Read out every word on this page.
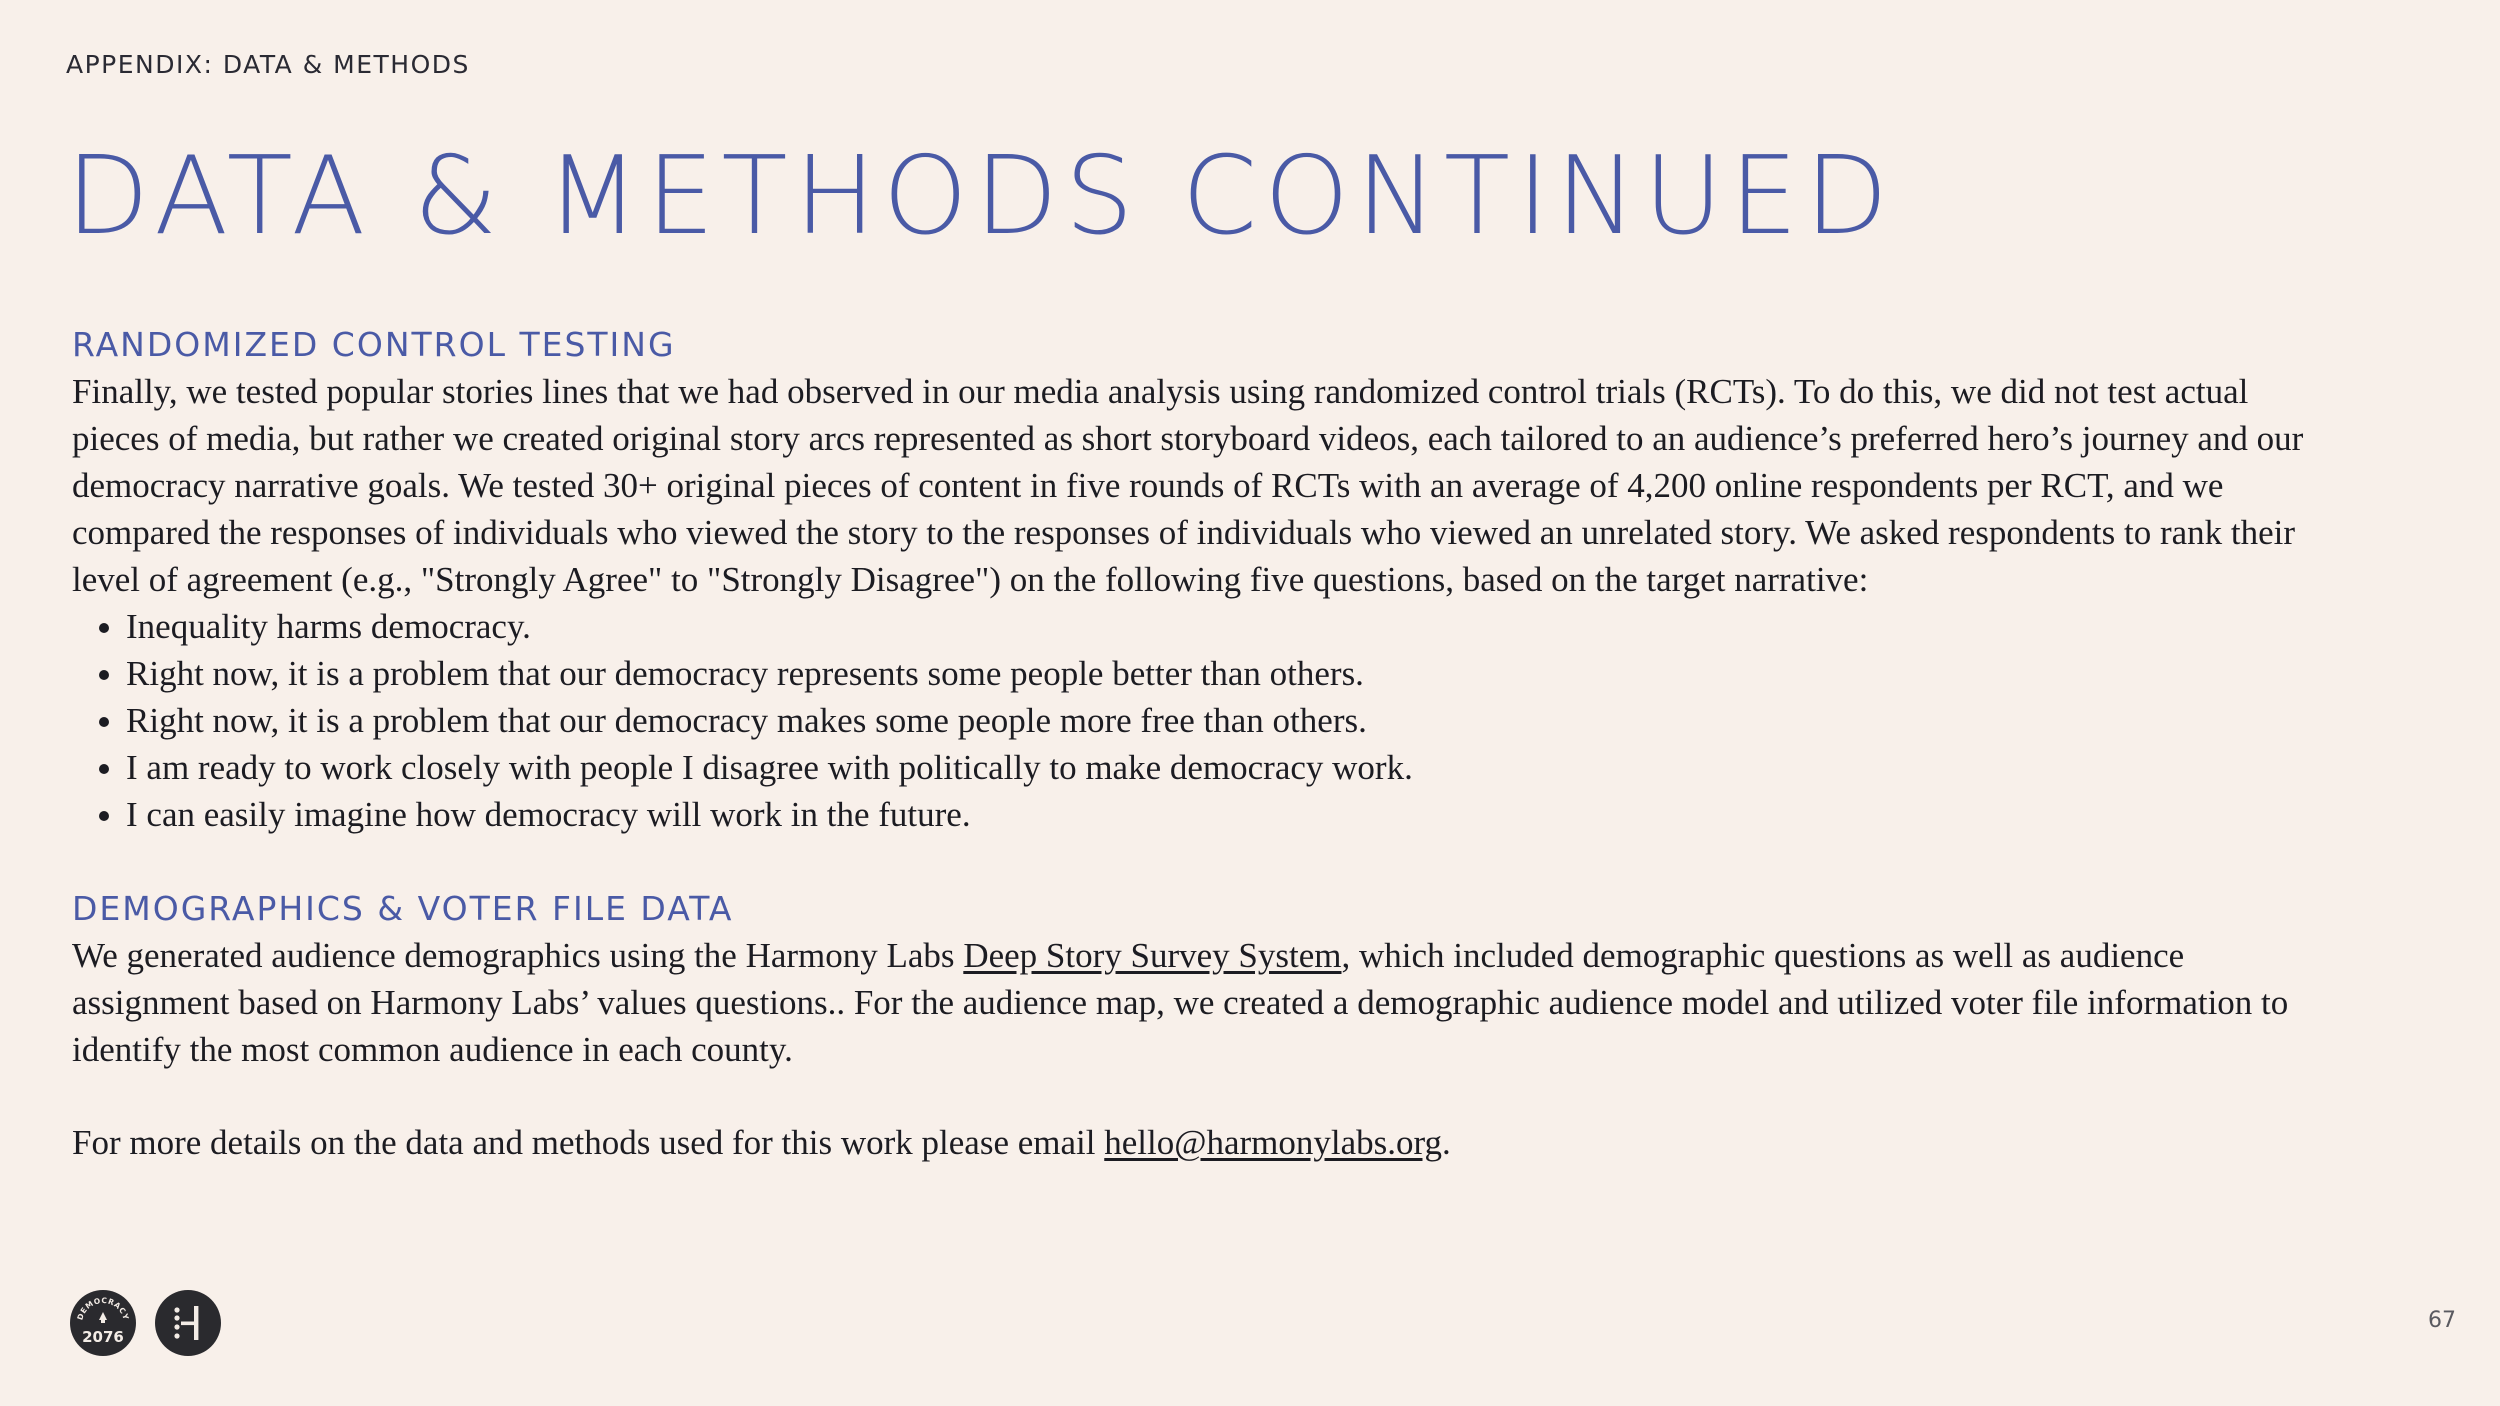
APPENDIX: DATA & METHODS
DATA & METHODS CONTINUED
RANDOMIZED CONTROL TESTING

Finally, we tested popular stories lines that we had observed in our media analysis using randomized control trials (RCTs). To do this, we did not test actual pieces of media, but rather we created original story arcs represented as short storyboard videos, each tailored to an audience’s preferred hero’s journey and our democracy narrative goals. We tested 30+ original pieces of content in five rounds of RCTs with an average of 4,200 online respondents per RCT, and we compared the responses of individuals who viewed the story to the responses of individuals who viewed an unrelated story. We asked respondents to rank their level of agreement (e.g., "Strongly Agree" to "Strongly Disagree") on the following five questions, based on the target narrative:

• Inequality harms democracy.
• Right now, it is a problem that our democracy represents some people better than others.
• Right now, it is a problem that our democracy makes some people more free than others.
• I am ready to work closely with people I disagree with politically to make democracy work.
• I can easily imagine how democracy will work in the future.
DEMOGRAPHICS & VOTER FILE DATA

We generated audience demographics using the Harmony Labs Deep Story Survey System, which included demographic questions as well as audience assignment based on Harmony Labs’ values questions.. For the audience map, we created a demographic audience model and utilized voter file information to identify the most common audience in each county.

For more details on the data and methods used for this work please email hello@harmonylabs.org.

DEMOCRACY
2076
67
